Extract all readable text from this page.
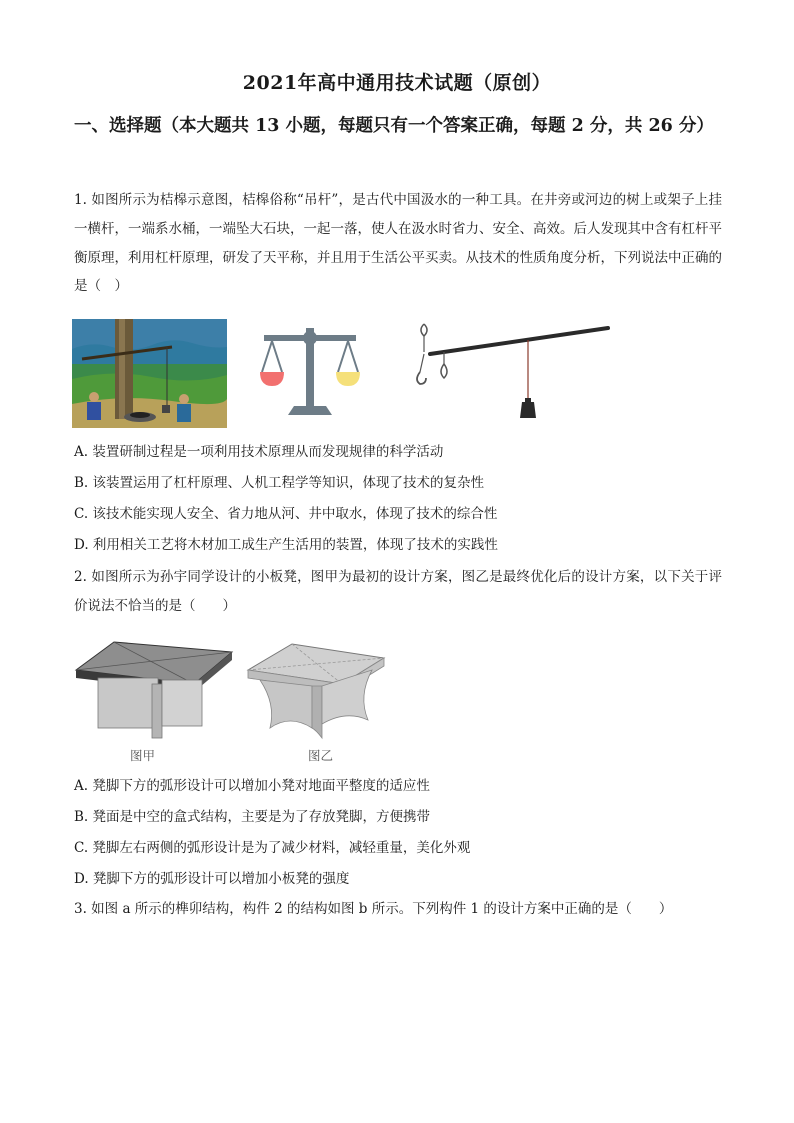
2021年高中通用技术试题（原创）
一、选择题（本大题共 13 小题，每题只有一个答案正确，每题 2 分，共 26 分）
1. 如图所示为桔槔示意图，桔槔俗称“吊杆”，是古代中国汲水的一种工具。在井旁或河边的树上或架子上挂一横杆，一端系水桶，一端坠大石块，一起一落，使人在汲水时省力、安全、高效。后人发现其中含有杠杆平衡原理，利用杠杆原理，研发了天平称，并且用于生活公平买卖。从技术的性质角度分析，下列说法中正确的是（　）
A. 装置研制过程是一项利用技术原理从而发现规律的科学活动
B. 该装置运用了杠杆原理、人机工程学等知识，体现了技术的复杂性
C. 该技术能实现人安全、省力地从河、井中取水，体现了技术的综合性
D. 利用相关工艺将木材加工成生产生活用的装置，体现了技术的实践性
2. 如图所示为孙宇同学设计的小板凳，图甲为最初的设计方案，图乙是最终优化后的设计方案，以下关于评价说法不恰当的是（　　）
图甲	图乙
A. 凳脚下方的弧形设计可以增加小凳对地面平整度的适应性
B. 凳面是中空的盒式结构，主要是为了存放凳脚，方便携带
C. 凳脚左右两侧的弧形设计是为了减少材料，减轻重量，美化外观
D. 凳脚下方的弧形设计可以增加小板凳的强度
3. 如图 a 所示的榫卯结构，构件 2 的结构如图 b 所示。下列构件 1 的设计方案中正确的是（　　）
